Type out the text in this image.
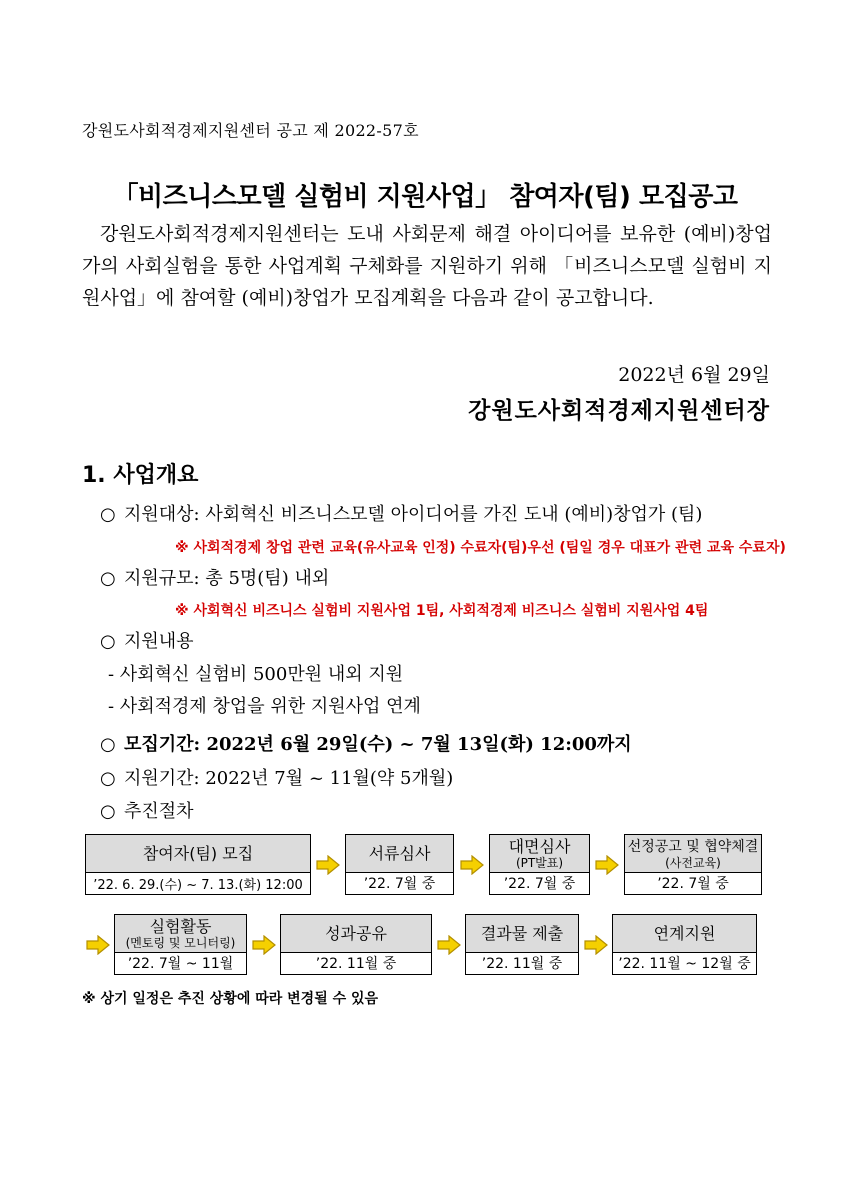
강원도사회적경제지원센터 공고 제 2022-57호
「비즈니스모델 실험비 지원사업」 참여자(팀) 모집공고
강원도사회적경제지원센터는 도내 사회문제 해결 아이디어를 보유한 (예비)창업가의 사회실험을 통한 사업계획 구체화를 지원하기 위해 「비즈니스모델 실험비 지원사업」에 참여할 (예비)창업가 모집계획을 다음과 같이 공고합니다.
2022년 6월 29일
강원도사회적경제지원센터장
1. 사업개요
○ 지원대상: 사회혁신 비즈니스모델 아이디어를 가진 도내 (예비)창업가 (팀)
※ 사회적경제 창업 관련 교육(유사교육 인정) 수료자(팀)우선 (팀일 경우 대표가 관련 교육 수료자)
○ 지원규모: 총 5명(팀) 내외
※ 사회혁신 비즈니스 실험비 지원사업 1팀, 사회적경제 비즈니스 실험비 지원사업 4팀
○ 지원내용
- 사회혁신 실험비 500만원 내외 지원
- 사회적경제 창업을 위한 지원사업 연계
○ 모집기간: 2022년 6월 29일(수) ~ 7월 13일(화) 12:00까지
○ 지원기간: 2022년 7월 ~ 11월(약 5개월)
○ 추진절차
참여자(팀) 모집
’22. 6. 29.(수) ~ 7. 13.(화) 12:00
서류심사
’22. 7월 중
대면심사
(PT발표)
’22. 7월 중
선정공고 및 협약체결
(사전교육)
’22. 7월 중
실험활동
(멘토링 및 모니터링)
’22. 7월 ~ 11월
성과공유
’22. 11월 중
결과물 제출
’22. 11월 중
연계지원
’22. 11월 ~ 12월 중
※ 상기 일정은 추진 상황에 따라 변경될 수 있음
